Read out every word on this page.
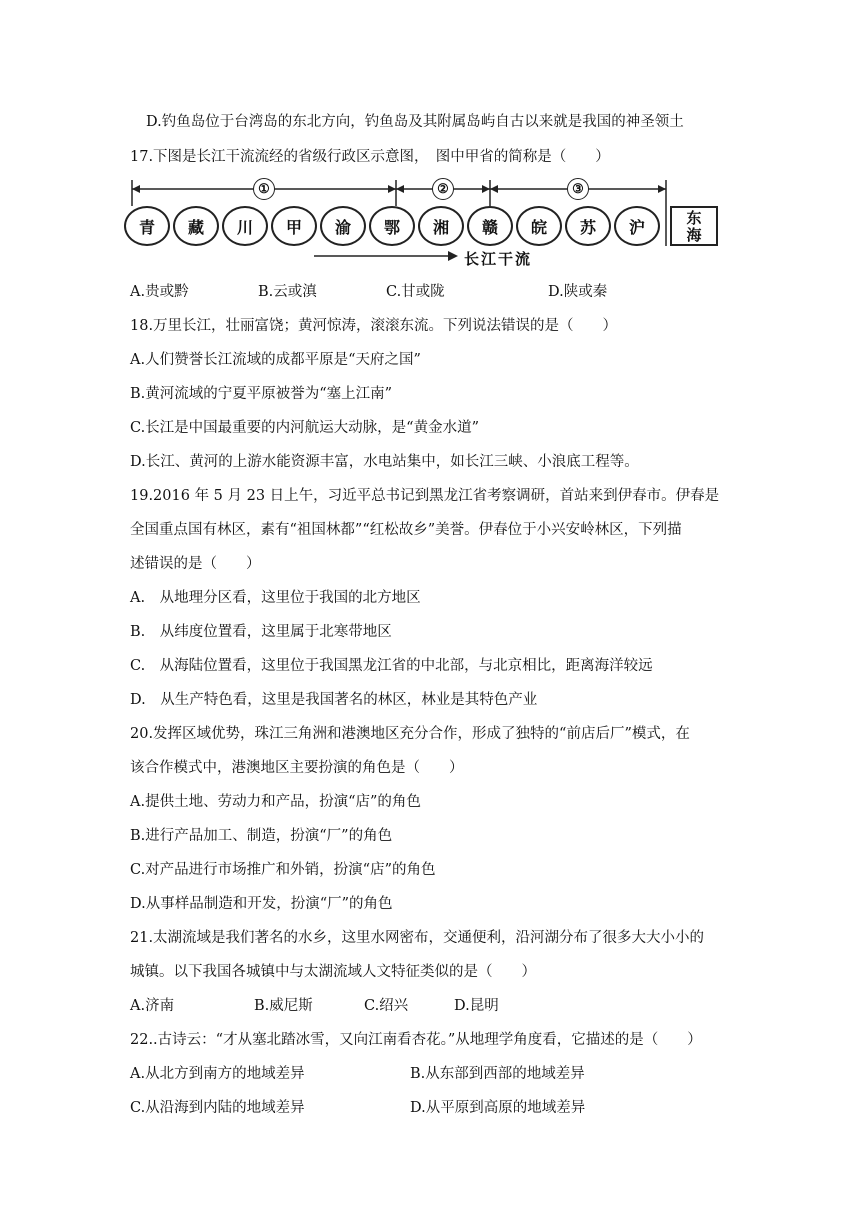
D.钓鱼岛位于台湾岛的东北方向，钓鱼岛及其附属岛屿自古以来就是我国的神圣领土
17.下图是长江干流流经的省级行政区示意图，　图中甲省的简称是（　　）
①	②	③
青	藏	川	甲	渝	鄂	湘	赣	皖	苏	沪	东
海
长江干流
A.贵或黔	B.云或滇	C.甘或陇	D.陕或秦
18.万里长江，壮丽富饶；黄河惊涛，滚滚东流。下列说法错误的是（　　）
A.人们赞誉长江流域的成都平原是“天府之国”
B.黄河流域的宁夏平原被誉为“塞上江南”
C.长江是中国最重要的内河航运大动脉，是“黄金水道”
D.长江、黄河的上游水能资源丰富，水电站集中，如长江三峡、小浪底工程等。
19.2016 年 5 月 23 日上午，习近平总书记到黑龙江省考察调研，首站来到伊春市。伊春是
全国重点国有林区，素有“祖国林都”“红松故乡”美誉。伊春位于小兴安岭林区，下列描
述错误的是（　　）
A.　从地理分区看，这里位于我国的北方地区
B.　从纬度位置看，这里属于北寒带地区
C.　从海陆位置看，这里位于我国黑龙江省的中北部，与北京相比，距离海洋较远
D.　从生产特色看，这里是我国著名的林区，林业是其特色产业
20.发挥区域优势，珠江三角洲和港澳地区充分合作，形成了独特的“前店后厂”模式，在
该合作模式中，港澳地区主要扮演的角色是（　　）
A.提供土地、劳动力和产品，扮演“店”的角色
B.进行产品加工、制造，扮演“厂”的角色
C.对产品进行市场推广和外销，扮演“店”的角色
D.从事样品制造和开发，扮演“厂”的角色
21.太湖流域是我们著名的水乡，这里水网密布，交通便利，沿河湖分布了很多大大小小的
城镇。以下我国各城镇中与太湖流域人文特征类似的是（　　）
A.济南	B.威尼斯	C.绍兴	D.昆明
22..古诗云：“才从塞北踏冰雪，又向江南看杏花。”从地理学角度看，它描述的是（　　）
A.从北方到南方的地域差异	B.从东部到西部的地域差异
C.从沿海到内陆的地域差异	D.从平原到高原的地域差异
